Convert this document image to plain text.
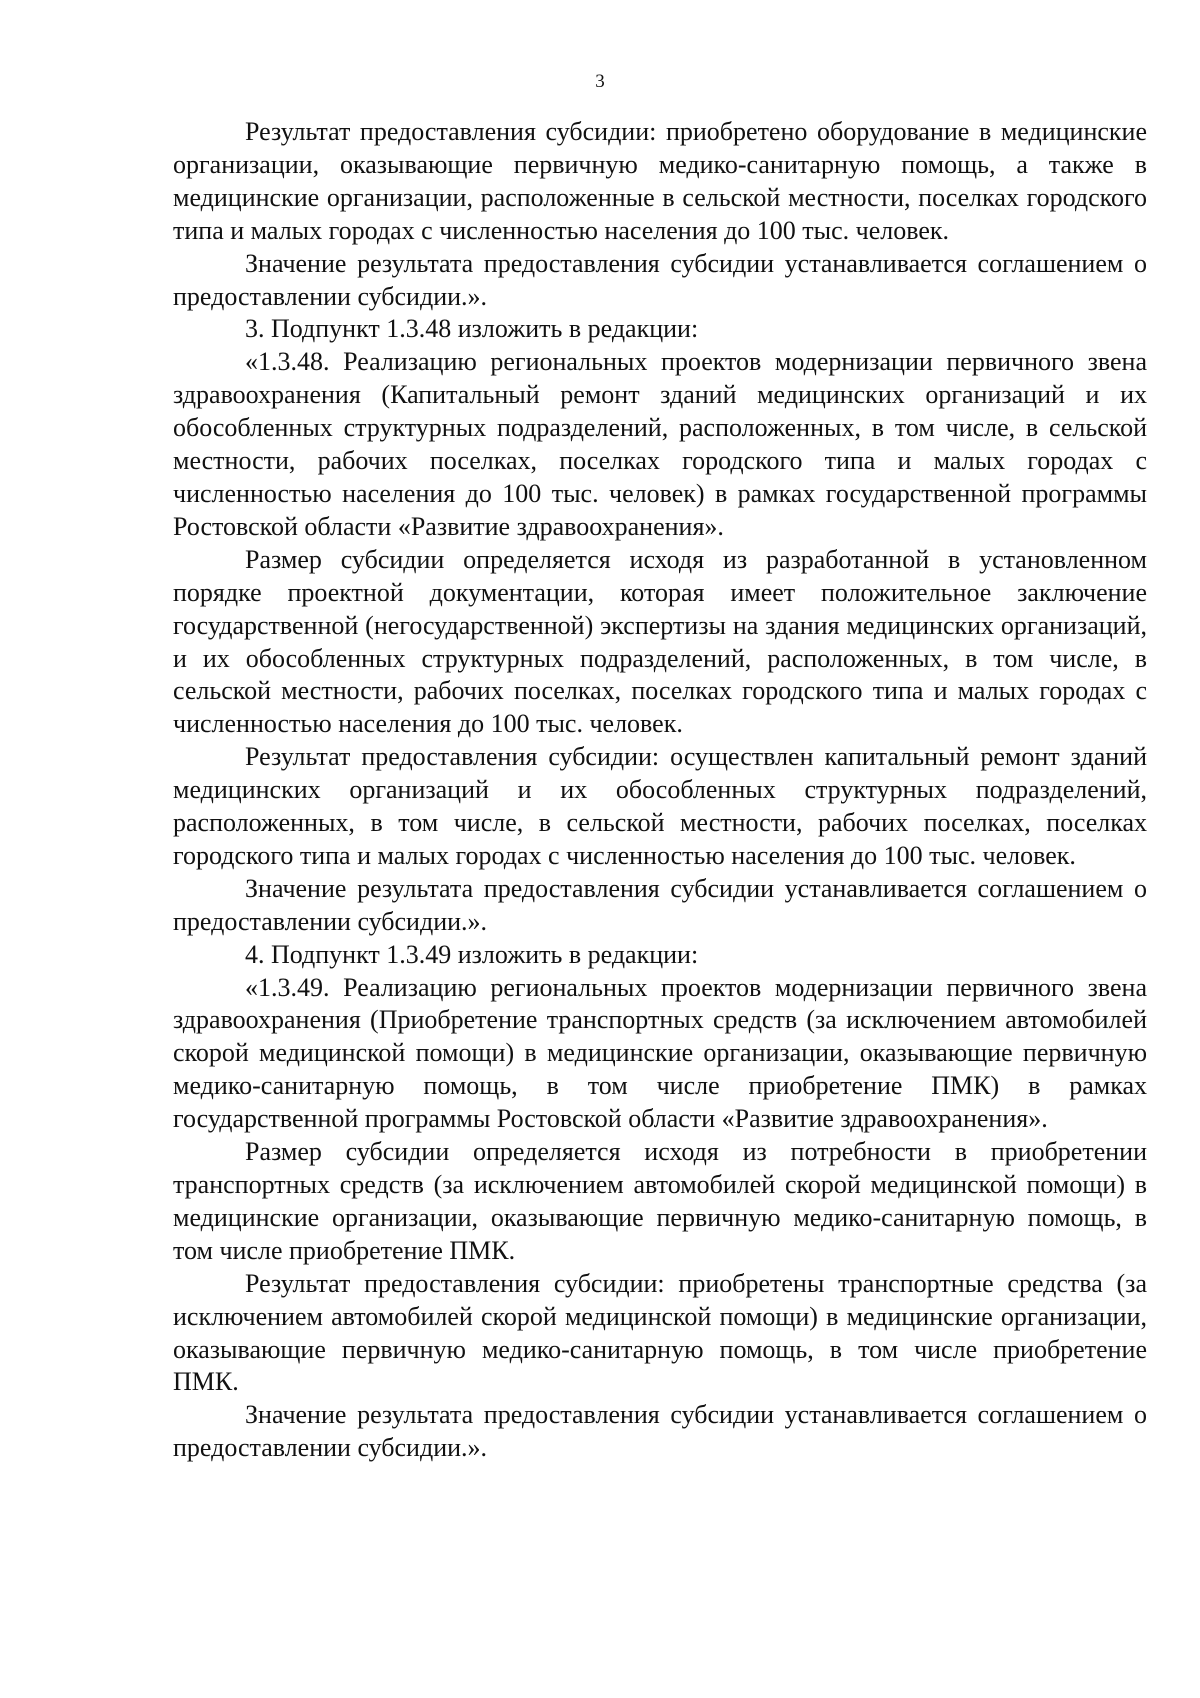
3

Результат предоставления субсидии: приобретено оборудование в медицинские организации, оказывающие первичную медико-санитарную помощь, а также в медицинские организации, расположенные в сельской местности, поселках городского типа и малых городах с численностью населения до 100 тыс. человек.

Значение результата предоставления субсидии устанавливается соглашением о предоставлении субсидии.».

3. Подпункт 1.3.48 изложить в редакции:

«1.3.48. Реализацию региональных проектов модернизации первичного звена здравоохранения (Капитальный ремонт зданий медицинских организаций и их обособленных структурных подразделений, расположенных, в том числе, в сельской местности, рабочих поселках, поселках городского типа и малых городах с численностью населения до 100 тыс. человек) в рамках государственной программы Ростовской области «Развитие здравоохранения».

Размер субсидии определяется исходя из разработанной в установленном порядке проектной документации, которая имеет положительное заключение государственной (негосударственной) экспертизы на здания медицинских организаций, и их обособленных структурных подразделений, расположенных, в том числе, в сельской местности, рабочих поселках, поселках городского типа и малых городах с численностью населения до 100 тыс. человек.

Результат предоставления субсидии: осуществлен капитальный ремонт зданий медицинских организаций и их обособленных структурных подразделений, расположенных, в том числе, в сельской местности, рабочих поселках, поселках городского типа и малых городах с численностью населения до 100 тыс. человек.

Значение результата предоставления субсидии устанавливается соглашением о предоставлении субсидии.».

4. Подпункт 1.3.49 изложить в редакции:

«1.3.49. Реализацию региональных проектов модернизации первичного звена здравоохранения (Приобретение транспортных средств (за исключением автомобилей скорой медицинской помощи) в медицинские организации, оказывающие первичную медико-санитарную помощь, в том числе приобретение ПМК) в рамках государственной программы Ростовской области «Развитие здравоохранения».

Размер субсидии определяется исходя из потребности в приобретении транспортных средств (за исключением автомобилей скорой медицинской помощи) в медицинские организации, оказывающие первичную медико-санитарную помощь, в том числе приобретение ПМК.

Результат предоставления субсидии: приобретены транспортные средства (за исключением автомобилей скорой медицинской помощи) в медицинские организации, оказывающие первичную медико-санитарную помощь, в том числе приобретение ПМК.

Значение результата предоставления субсидии устанавливается соглашением о предоставлении субсидии.».
